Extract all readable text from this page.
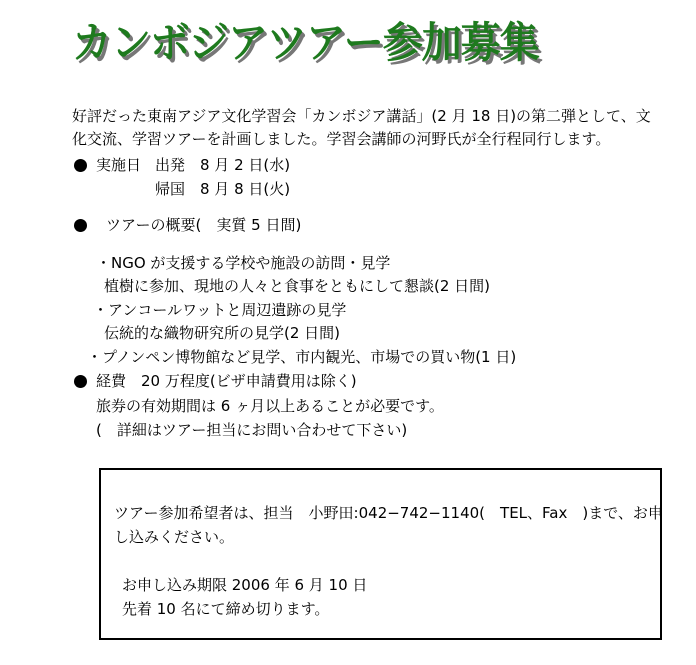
カンボジアツアー参加募集
好評だった東南アジア文化学習会「カンボジア講話」(2 月 18 日)の第二弾として、文
化交流、学習ツアーを計画しました。学習会講師の河野氏が全行程同行します。
実施日 出発　8 月 2 日(水)
帰国　8 月 8 日(火)
ツアーの概要(　実質 5 日間)
・NGO が支援する学校や施設の訪問・見学
植樹に参加、現地の人々と食事をともにして懇談(2 日間)
・アンコールワットと周辺遺跡の見学
伝統的な織物研究所の見学(2 日間)
・プノンペン博物館など見学、市内観光、市場での買い物(1 日)
経費　20 万程度(ビザ申請費用は除く)
旅券の有効期間は 6 ヶ月以上あることが必要です。
(　詳細はツアー担当にお問い合わせて下さい)
ツアー参加希望者は、担当　小野田:042−742−1140(　TEL、Fax　)まで、お申
し込みください。
お申し込み期限 2006 年 6 月 10 日
先着 10 名にて締め切ります。
